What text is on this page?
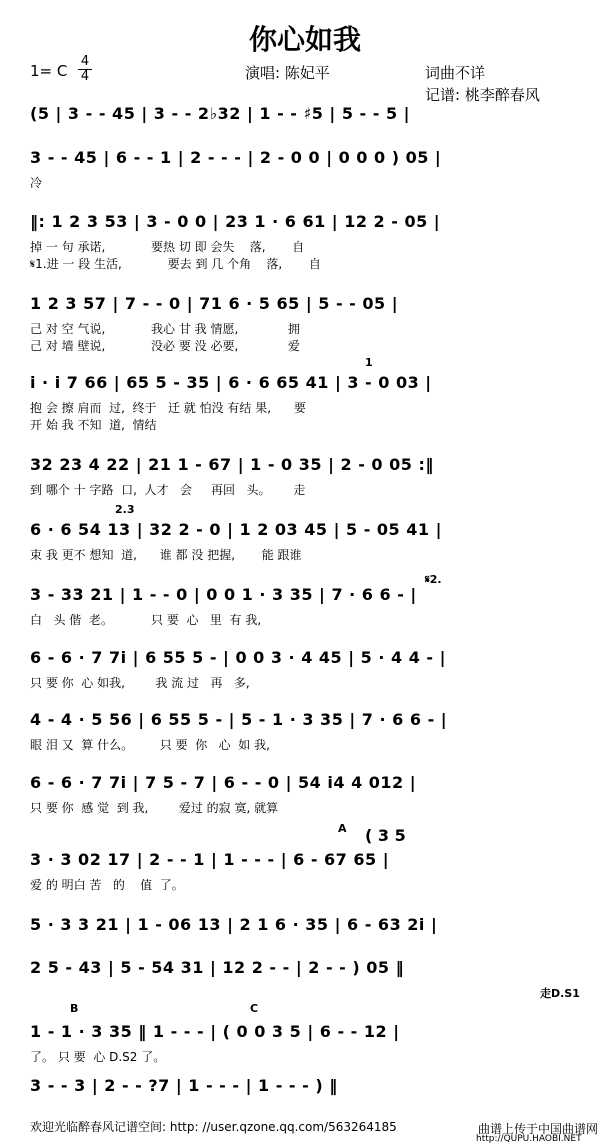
你心如我
1= C
4
4	演唱: 陈妃平	词曲不详
记谱: 桃李醉春风
(5 | 3 - - 45 | 3 - - 2♭32 | 1 - - ♯5 | 5 - - 5 |
3 - - 45 | 6 - - 1 | 2 - - - | 2 - 0 0 | 0 0 0 ) 05 |
冷
‖: 1 2 3 53 | 3 - 0 0 | 23 1 · 6 61 | 12 2 - 05 |
掉 一 句 承诺,            要热 切 即 会失    落,       自
𝄋1.进 一 段 生活,            要去 到 几 个角    落,       自
1 2 3 57 | 7 - - 0 | 71 6 · 5 65 | 5 - - 05 |
己 对 空 气说,            我心 甘 我 情愿,             拥
己 对 墙 壁说,            没必 要 没 必要,             爱
i · i 7 66 | 65 5 - 35 | 6 · 6 65 41 | 3 - 0 03 |
抱 会 擦 肩而  过,  终于   迁 就 怕没 有结 果,      要
开 始 我 不知  道,  情结
32 23 4 22 | 21 1 - 67 | 1 - 0 35 | 2 - 0 05 :‖
到 哪个 十 字路  口,  人才   会     再回   头。      走
6 · 6 54 13 | 32 2 - 0 | 1 2 03 45 | 5 - 05 41 |
束 我 更不 想知  道,      谁 都 没 把握,       能 跟谁
3 - 33 21 | 1 - - 0 | 0 0 1 · 3 35 | 7 · 6 6 - |
白   头 偕  老。          只 要  心   里  有 我,
6 - 6 · 7 7i | 6 55 5 - | 0 0 3 · 4 45 | 5 · 4 4 - |
只 要 你  心 如我,        我 流 过   再   多,
4 - 4 · 5 56 | 6 55 5 - | 5 - 1 · 3 35 | 7 · 6 6 - |
眼 泪 又  算 什么。       只 要  你   心  如 我,
6 - 6 · 7 7i | 7 5 - 7 | 6 - - 0 | 54 i4 4 012 |
只 要 你  感 觉  到 我,        爱过 的寂 寞, 就算
3 · 3 02 17 | 2 - - 1 | 1 - - - | 6 - 67 65 |
爱 的 明白 苦   的    值  了。
5 · 3 3 21 | 1 - 06 13 | 2 1 6 · 35 | 6 - 63 2i |
2 5 - 43 | 5 - 54 31 | 12 2 - - | 2 - - ) 05 ‖
1 - 1 · 3 35 ‖ 1 - - - | ( 0 0 3 5 | 6 - - 12 |
了。 只 要  心 D.S2 了。
3 - - 3 | 2 - - ?7 | 1 - - - | 1 - - - ) ‖
1
2.3
𝄋2.
A ( 3 5
B	C
走D.S1
欢迎光临醉春风记谱空间: http: //user.qzone.qq.com/563264185	曲谱上传于中国曲谱网
http://QUPU.HAOBI.NET
